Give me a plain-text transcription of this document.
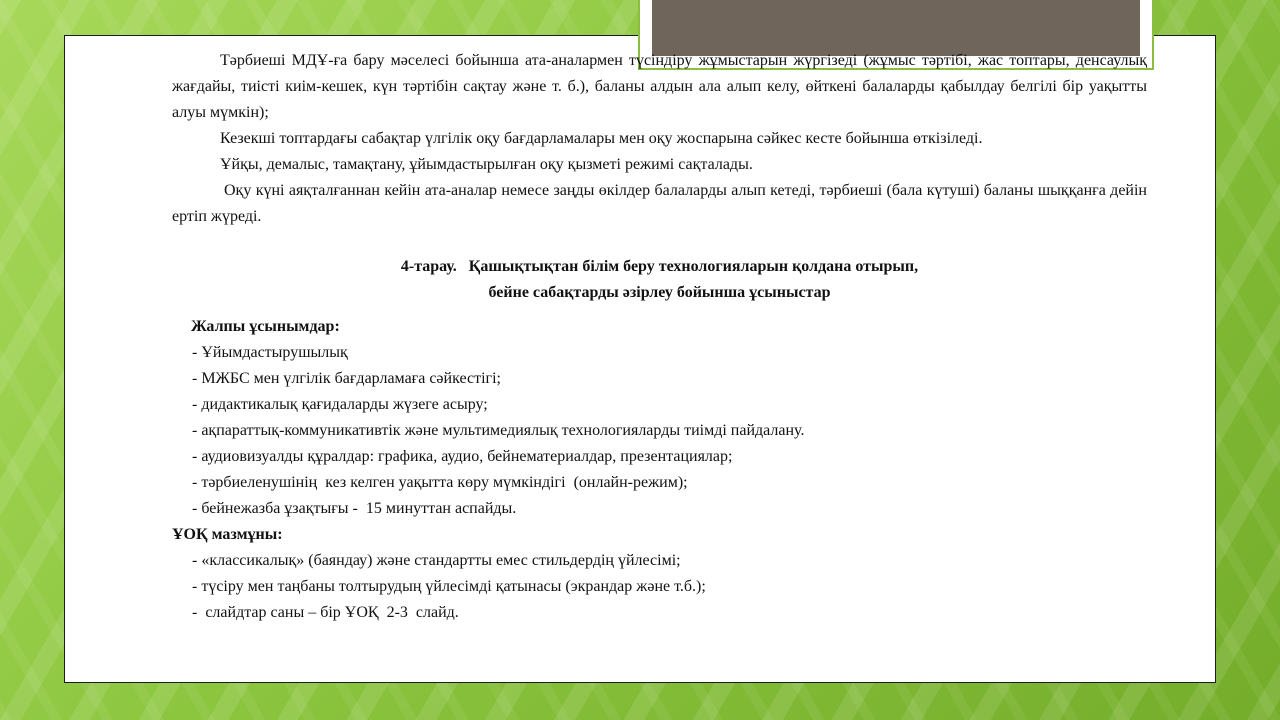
Тәрбиеші МДҰ-ға бару мәселесі бойынша ата-аналармен түсіндіру жұмыстарын жүргізеді (жұмыс тәртібі, жас топтары, денсаулық жағдайы, тиісті киім-кешек, күн тәртібін сақтау және т. б.), баланы алдын ала алып келу, өйткені балаларды қабылдау белгілі бір уақытты алуы мүмкін);

Кезекші топтардағы сабақтар үлгілік оқу бағдарламалары мен оқу жоспарына сәйкес кесте бойынша өткізіледі.

Ұйқы, демалыс, тамақтану, ұйымдастырылған оқу қызметі режимі сақталады.

Оқу күні аяқталғаннан кейін ата-аналар немесе заңды өкілдер балаларды алып кетеді, тәрбиеші (бала күтуші) баланы шыққанға дейін ертіп жүреді.

4-тарау.   Қашықтықтан білім беру технологияларын қолдана отырып,
бейне сабақтарды әзірлеу бойынша ұсыныстар
Жалпы ұсынымдар:
- Ұйымдастырушылық
- МЖБС мен үлгілік бағдарламаға сәйкестігі;
- дидактикалық қағидаларды жүзеге асыру;
- ақпараттық-коммуникативтік және мультимедиялық технологияларды тиімді пайдалану.
- аудиовизуалды құралдар: графика, аудио, бейнематериалдар, презентациялар;
- тәрбиеленушінің  кез келген уақытта көру мүмкіндігі  (онлайн-режим);
- бейнежазба ұзақтығы -  15 минуттан аспайды.
ҰОҚ мазмұны:
- «классикалық» (баяндау) және стандартты емес стильдердің үйлесімі;
- түсіру мен таңбаны толтырудың үйлесімді қатынасы (экрандар және т.б.);
-  слайдтар саны – бір ҰОҚ  2-3  слайд.
